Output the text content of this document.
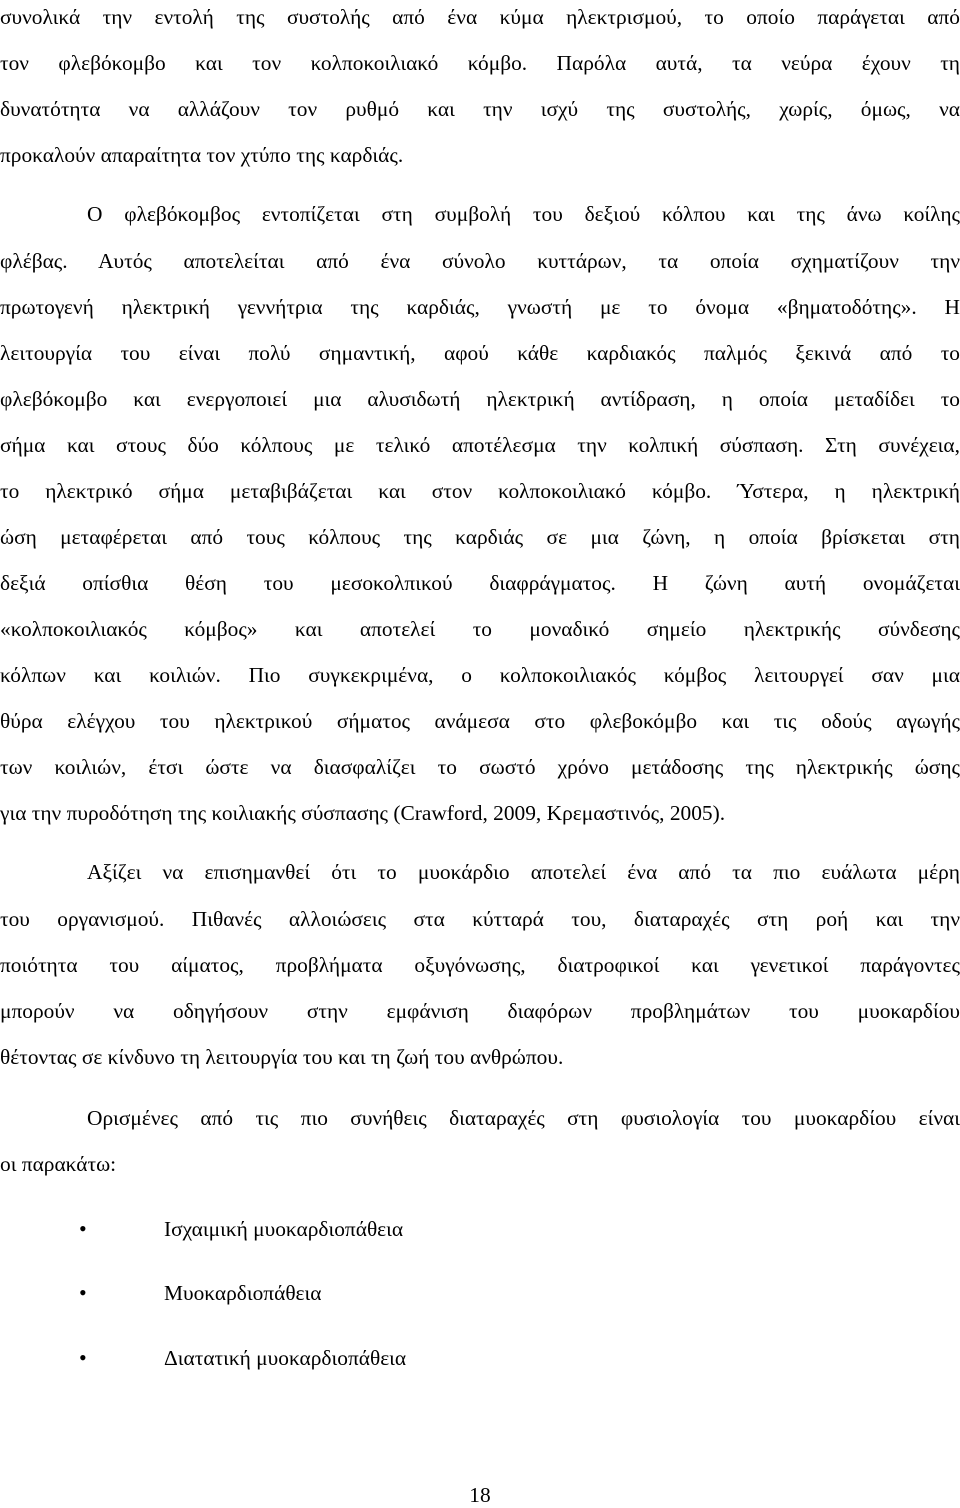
συνολικά την εντολή της συστολής από ένα κύμα ηλεκτρισμού, το οποίο παράγεται από
τον φλεβόκομβο και τον κολποκοιλιακό κόμβο. Παρόλα αυτά, τα νεύρα έχουν τη
δυνατότητα να αλλάζουν τον ρυθμό και την ισχύ της συστολής, χωρίς, όμως, να
προκαλούν απαραίτητα τον χτύπο της καρδιάς.
Ο φλεβόκομβος εντοπίζεται στη συμβολή του δεξιού κόλπου και της άνω κοίλης
φλέβας. Αυτός αποτελείται από ένα σύνολο κυττάρων, τα οποία σχηματίζουν την
πρωτογενή ηλεκτρική γεννήτρια της καρδιάς, γνωστή με το όνομα «βηματοδότης». Η
λειτουργία του είναι πολύ σημαντική, αφού κάθε καρδιακός παλμός ξεκινά από το
φλεβόκομβο και ενεργοποιεί μια αλυσιδωτή ηλεκτρική αντίδραση, η οποία μεταδίδει το
σήμα και στους δύο κόλπους με τελικό αποτέλεσμα την κολπική σύσπαση. Στη συνέχεια,
το ηλεκτρικό σήμα μεταβιβάζεται και στον κολποκοιλιακό κόμβο. Ύστερα, η ηλεκτρική
ώση μεταφέρεται από τους κόλπους της καρδιάς σε μια ζώνη, η οποία βρίσκεται στη
δεξιά οπίσθια θέση του μεσοκολπικού διαφράγματος. Η ζώνη αυτή ονομάζεται
«κολποκοιλιακός κόμβος» και αποτελεί το μοναδικό σημείο ηλεκτρικής σύνδεσης
κόλπων και κοιλιών. Πιο συγκεκριμένα, ο κολποκοιλιακός κόμβος λειτουργεί σαν μια
θύρα ελέγχου του ηλεκτρικού σήματος ανάμεσα στο φλεβοκόμβο και τις οδούς αγωγής
των κοιλιών, έτσι ώστε να διασφαλίζει το σωστό χρόνο μετάδοσης της ηλεκτρικής ώσης
για την πυροδότηση της κοιλιακής σύσπασης (Crawford, 2009, Κρεμαστινός, 2005).
Αξίζει να επισημανθεί ότι το μυοκάρδιο αποτελεί ένα από τα πιο ευάλωτα μέρη
του οργανισμού. Πιθανές αλλοιώσεις στα κύτταρά του, διαταραχές στη ροή και την
ποιότητα του αίματος, προβλήματα οξυγόνωσης, διατροφικοί και γενετικοί παράγοντες
μπορούν να οδηγήσουν στην εμφάνιση διαφόρων προβλημάτων του μυοκαρδίου
θέτοντας σε κίνδυνο τη λειτουργία του και τη ζωή του ανθρώπου.
Ορισμένες από τις πιο συνήθεις διαταραχές στη φυσιολογία του μυοκαρδίου είναι
οι παρακάτω:
•	Ισχαιμική μυοκαρδιοπάθεια
•	Μυοκαρδιοπάθεια
•	Διατατική μυοκαρδιοπάθεια
18
